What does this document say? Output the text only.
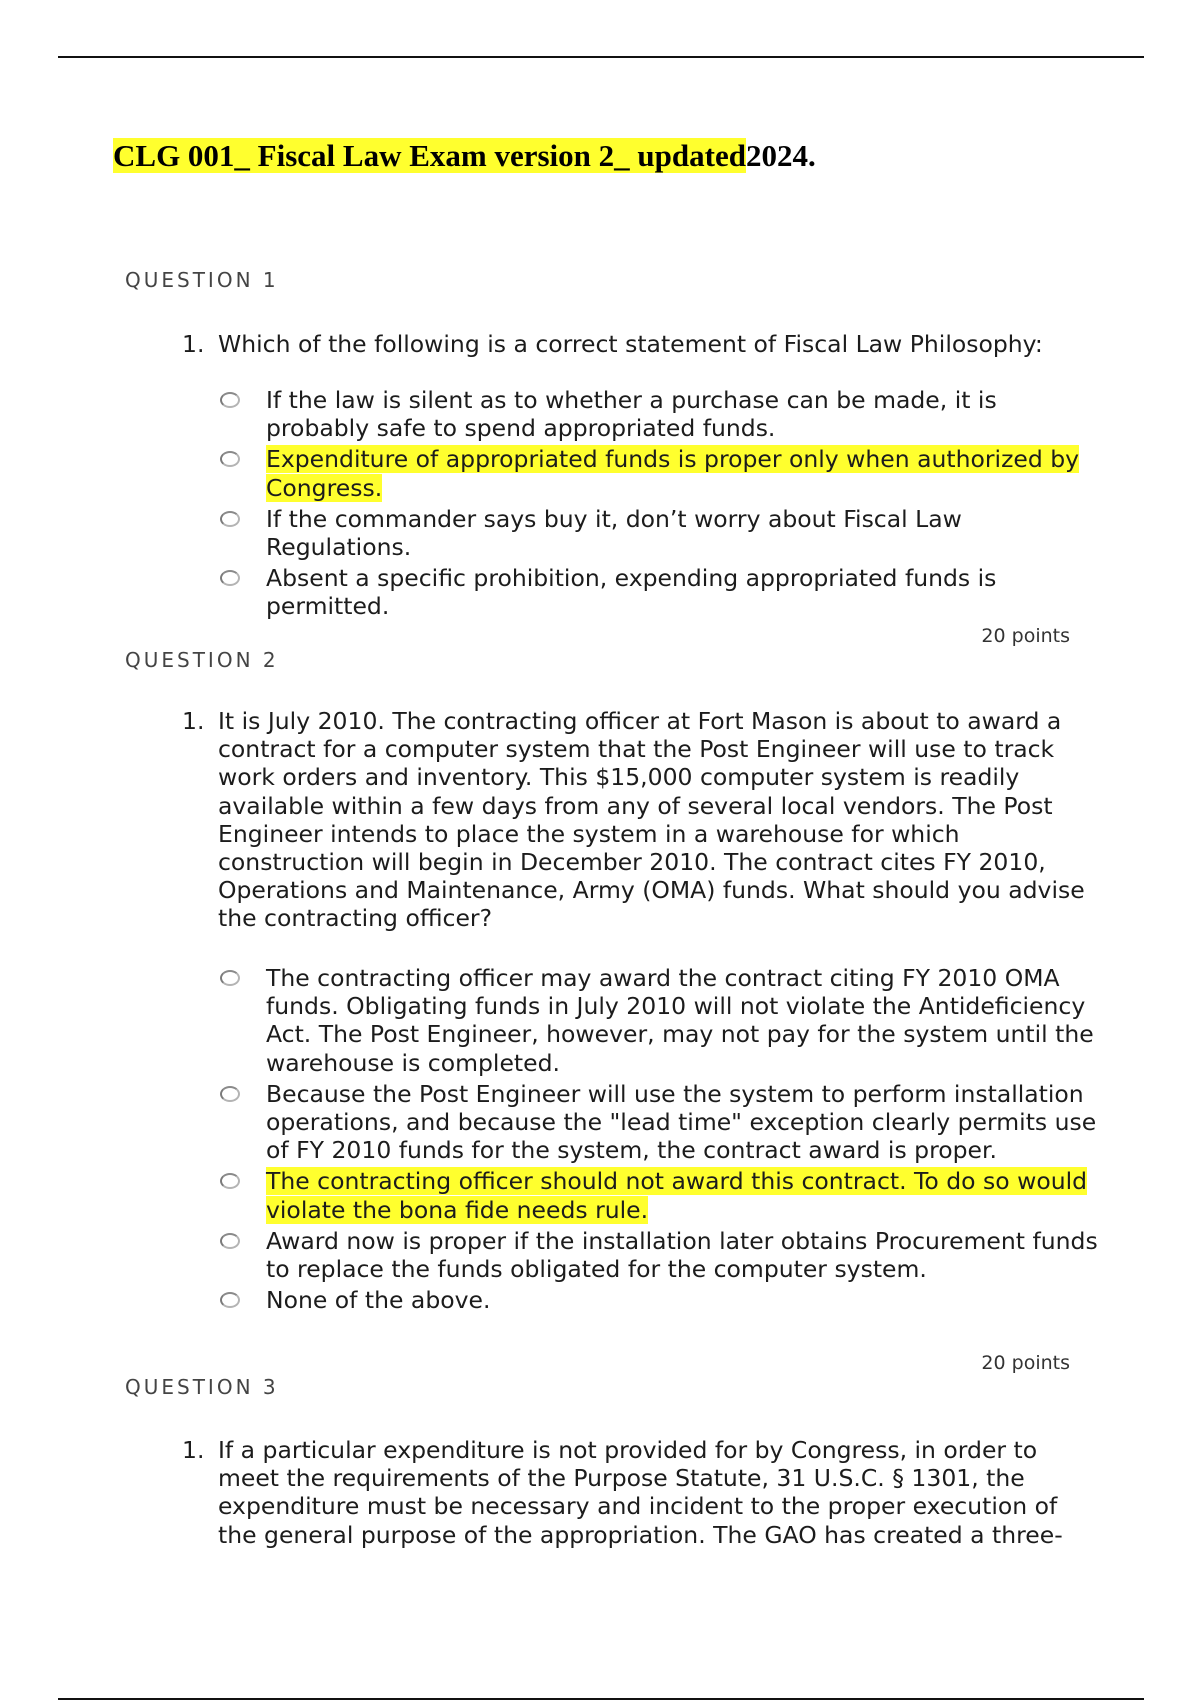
CLG 001_ Fiscal Law Exam version 2_ updated2024.
QUESTION 1
1. Which of the following is a correct statement of Fiscal Law Philosophy:
If the law is silent as to whether a purchase can be made, it is probably safe to spend appropriated funds.
Expenditure of appropriated funds is proper only when authorized by Congress.
If the commander says buy it, don’t worry about Fiscal Law Regulations.
Absent a specific prohibition, expending appropriated funds is permitted.
20 points
QUESTION 2
1. It is July 2010. The contracting officer at Fort Mason is about to award a contract for a computer system that the Post Engineer will use to track work orders and inventory. This $15,000 computer system is readily available within a few days from any of several local vendors. The Post Engineer intends to place the system in a warehouse for which construction will begin in December 2010. The contract cites FY 2010, Operations and Maintenance, Army (OMA) funds. What should you advise the contracting officer?
The contracting officer may award the contract citing FY 2010 OMA funds. Obligating funds in July 2010 will not violate the Antideficiency Act. The Post Engineer, however, may not pay for the system until the warehouse is completed.
Because the Post Engineer will use the system to perform installation operations, and because the "lead time" exception clearly permits use of FY 2010 funds for the system, the contract award is proper.
The contracting officer should not award this contract. To do so would violate the bona fide needs rule.
Award now is proper if the installation later obtains Procurement funds to replace the funds obligated for the computer system.
None of the above.
20 points
QUESTION 3
1. If a particular expenditure is not provided for by Congress, in order to meet the requirements of the Purpose Statute, 31 U.S.C. § 1301, the expenditure must be necessary and incident to the proper execution of the general purpose of the appropriation. The GAO has created a three-
